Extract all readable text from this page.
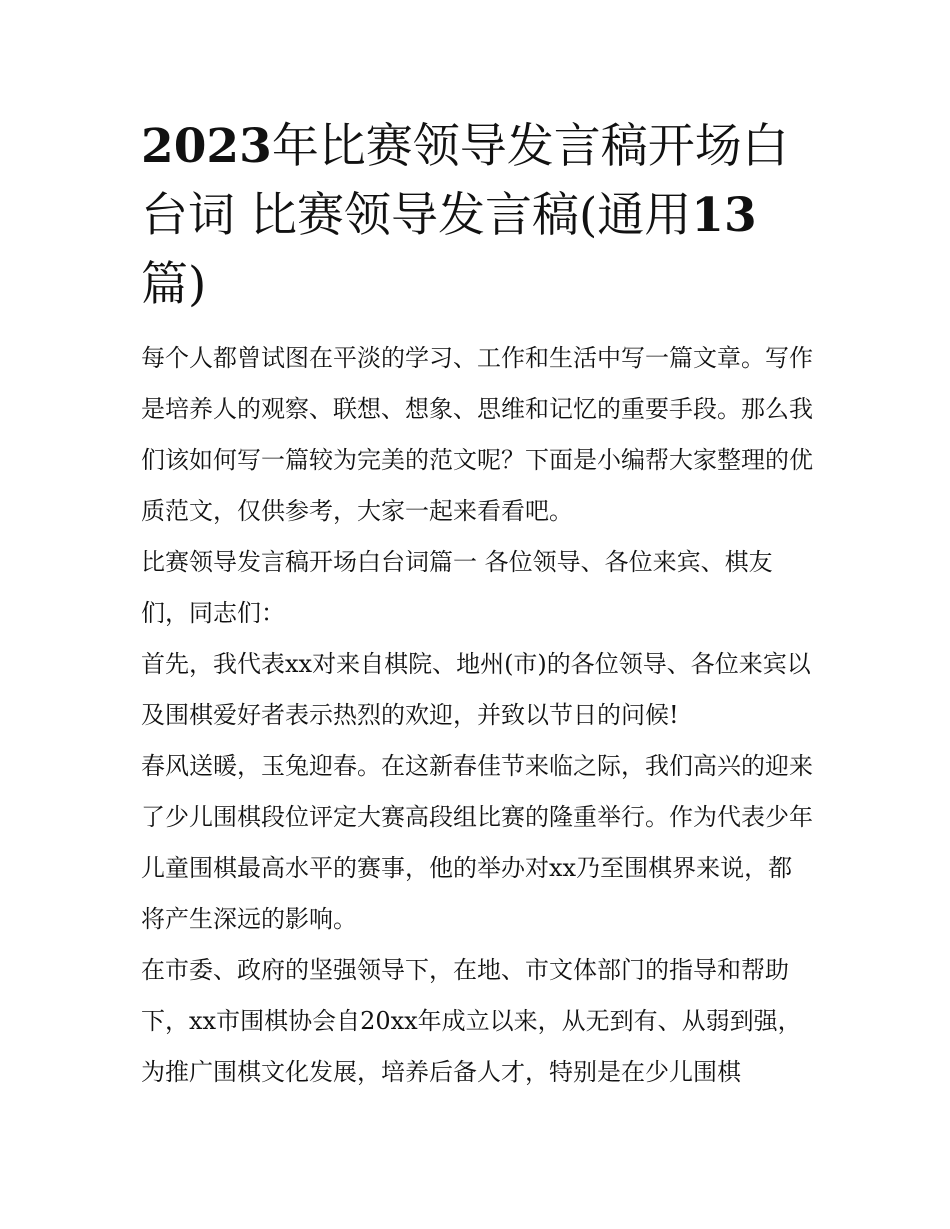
2023年比赛领导发言稿开场白
台词 比赛领导发言稿(通用13
篇)

每个人都曾试图在平淡的学习、工作和生活中写一篇文章。写作是培养人的观察、联想、想象、思维和记忆的重要手段。那么我们该如何写一篇较为完美的范文呢？下面是小编帮大家整理的优质范文，仅供参考，大家一起来看看吧。

比赛领导发言稿开场白台词篇一 各位领导、各位来宾、棋友们，同志们：

首先，我代表xx对来自棋院、地州(市)的各位领导、各位来宾以及围棋爱好者表示热烈的欢迎，并致以节日的问候!

春风送暖，玉兔迎春。在这新春佳节来临之际，我们高兴的迎来了少儿围棋段位评定大赛高段组比赛的隆重举行。作为代表少年儿童围棋最高水平的赛事，他的举办对xx乃至围棋界来说，都将产生深远的影响。

在市委、政府的坚强领导下，在地、市文体部门的指导和帮助下，xx市围棋协会自20xx年成立以来，从无到有、从弱到强，为推广围棋文化发展，培养后备人才，特别是在少儿围棋
